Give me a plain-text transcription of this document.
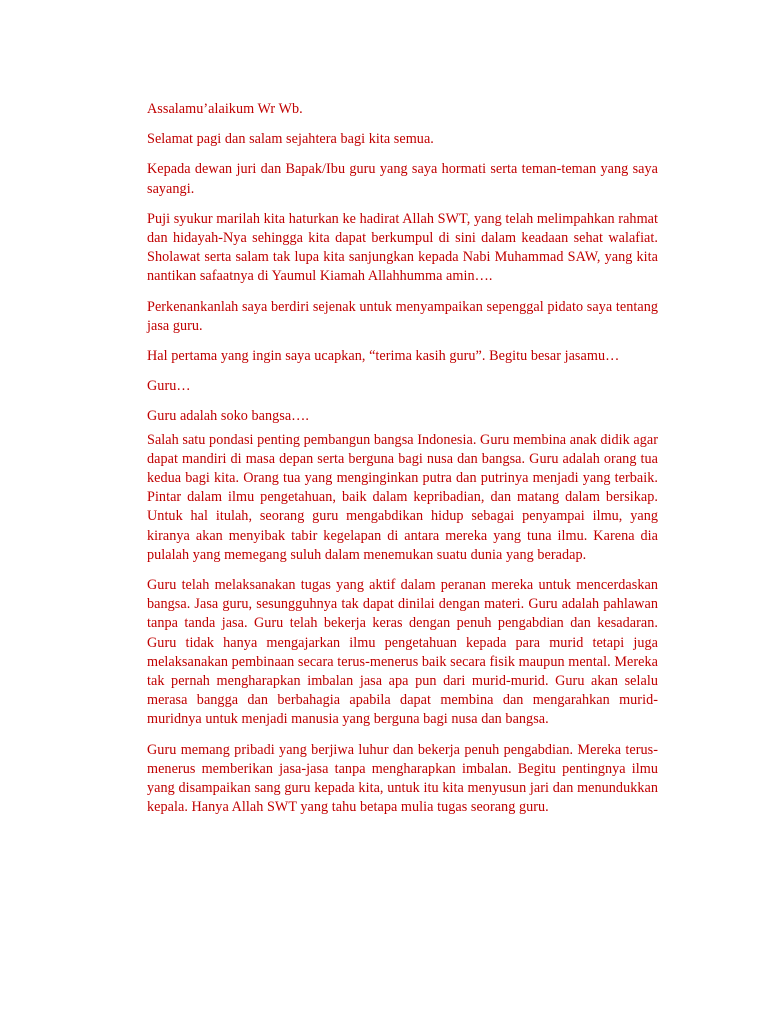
Assalamu’alaikum Wr Wb.

Selamat pagi dan salam sejahtera bagi kita semua.

Kepada dewan juri dan Bapak/Ibu guru yang saya hormati serta teman-teman yang saya sayangi.

Puji syukur marilah kita haturkan ke hadirat Allah SWT, yang telah melimpahkan rahmat dan hidayah-Nya sehingga kita dapat berkumpul di sini dalam keadaan sehat walafiat. Sholawat serta salam tak lupa kita sanjungkan kepada Nabi Muhammad SAW, yang kita nantikan safaatnya di Yaumul Kiamah Allahhumma amin….

Perkenankanlah saya berdiri sejenak untuk menyampaikan sepenggal pidato saya tentang jasa guru.

Hal pertama yang ingin saya ucapkan, “terima kasih guru”. Begitu besar jasamu…

Guru…

Guru adalah soko bangsa….

Salah satu pondasi penting pembangun bangsa Indonesia. Guru membina anak didik agar dapat mandiri di masa depan serta berguna bagi nusa dan bangsa. Guru adalah orang tua kedua bagi kita. Orang tua yang menginginkan putra dan putrinya menjadi yang terbaik. Pintar dalam ilmu pengetahuan, baik dalam kepribadian, dan matang dalam bersikap. Untuk hal itulah, seorang guru mengabdikan hidup sebagai penyampai ilmu, yang kiranya akan menyibak tabir kegelapan di antara mereka yang tuna ilmu. Karena dia pulalah yang memegang suluh dalam menemukan suatu dunia yang beradap.

Guru telah melaksanakan tugas yang aktif dalam peranan mereka untuk mencerdaskan bangsa. Jasa guru, sesungguhnya tak dapat dinilai dengan materi. Guru adalah pahlawan tanpa tanda jasa. Guru telah bekerja keras dengan penuh pengabdian dan kesadaran. Guru tidak hanya mengajarkan ilmu pengetahuan kepada para murid tetapi juga melaksanakan pembinaan secara terus-menerus baik secara fisik maupun mental. Mereka tak pernah mengharapkan imbalan jasa apa pun dari murid-murid. Guru akan selalu merasa bangga dan berbahagia apabila dapat membina dan mengarahkan murid-muridnya untuk menjadi manusia yang berguna bagi nusa dan bangsa.

Guru memang pribadi yang berjiwa luhur dan bekerja penuh pengabdian. Mereka terus-menerus memberikan jasa-jasa tanpa mengharapkan imbalan. Begitu pentingnya ilmu yang disampaikan sang guru kepada kita, untuk itu kita menyusun jari dan menundukkan kepala. Hanya Allah SWT yang tahu betapa mulia tugas seorang guru.
